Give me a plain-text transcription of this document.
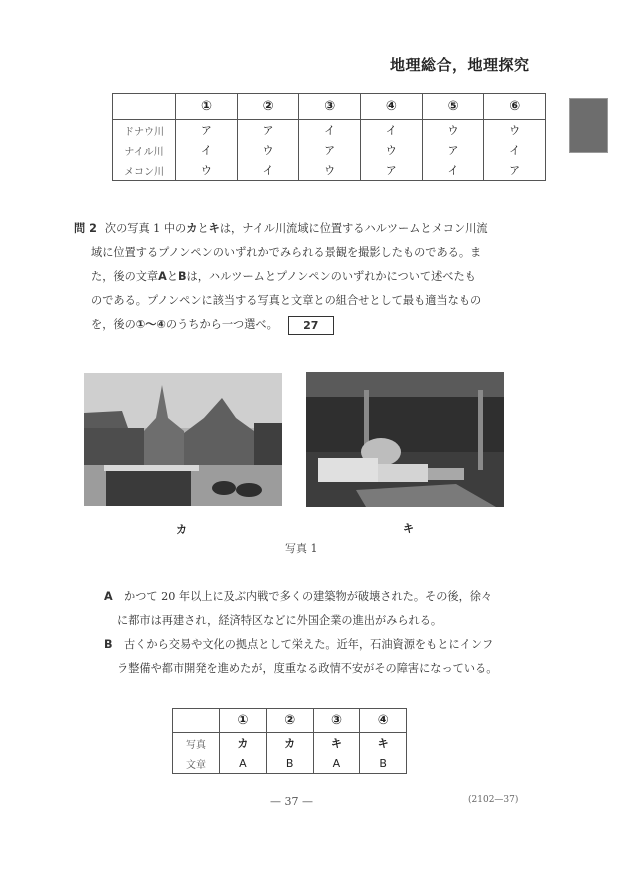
地理総合，地理探究
	①	②	③	④	⑤	⑥
ドナウ川	ア	ア	イ	イ	ウ	ウ
ナイル川	イ	ウ	ア	ウ	ア	イ
メコン川	ウ	イ	ウ	ア	イ	ア
問 2 次の写真 1 中のカとキは，ナイル川流域に位置するハルツームとメコン川流
域に位置するプノンペンのいずれかでみられる景観を撮影したものである。ま
た，後の文章AとBは，ハルツームとプノンペンのいずれかについて述べたも
のである。プノンペンに該当する写真と文章との組合せとして最も適当なもの
を，後の①～④のうちから一つ選べ。 27
カ	キ
写真 1
A かつて 20 年以上に及ぶ内戦で多くの建築物が破壊された。その後，徐々
に都市は再建され，経済特区などに外国企業の進出がみられる。
B 古くから交易や文化の拠点として栄えた。近年，石油資源をもとにインフ
ラ整備や都市開発を進めたが，度重なる政情不安がその障害になっている。
	①	②	③	④
写真	カ	カ	キ	キ
文章	A	B	A	B
— 37 —	(2102—37)
